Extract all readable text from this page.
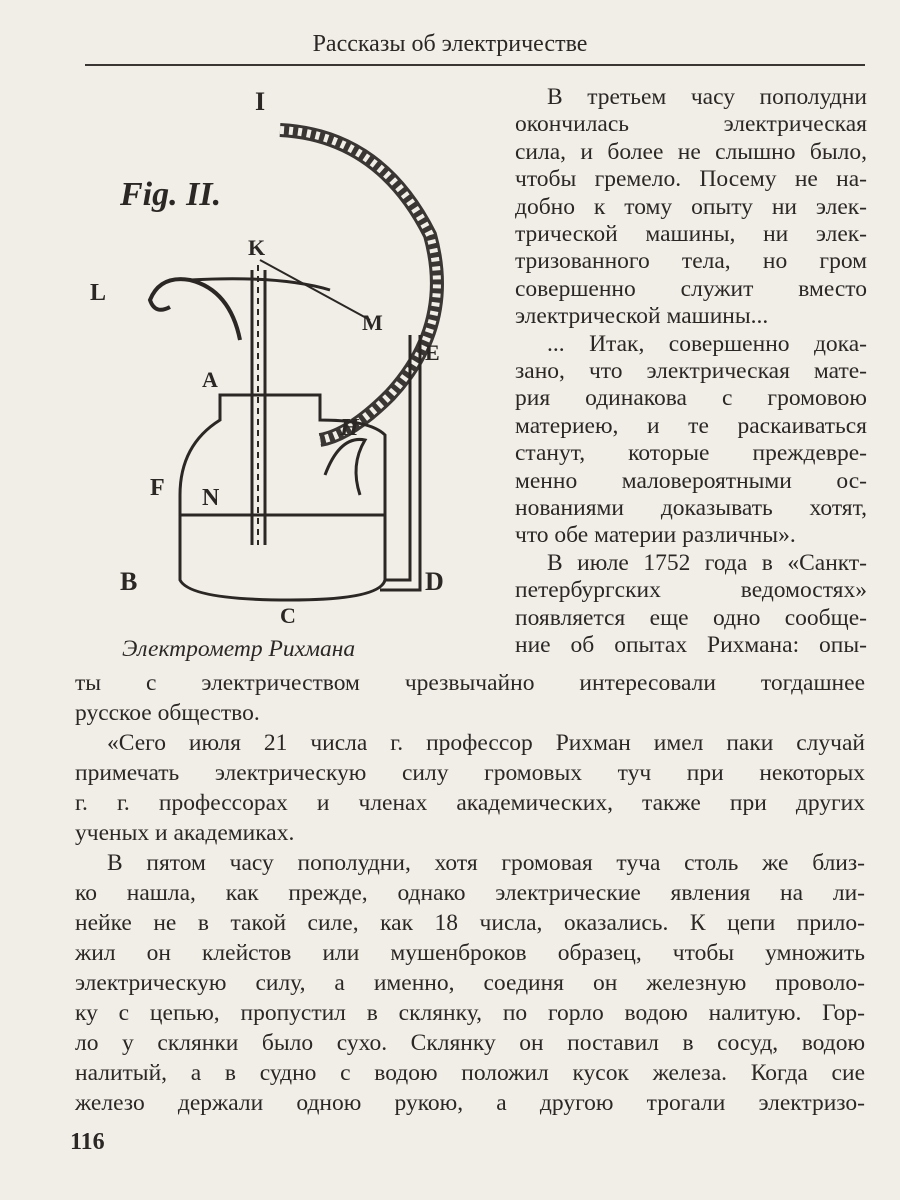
Рассказы об электричестве
Fig. II.
I
K
L
M
E
A
H
F N
B
C
D
Электрометр Рихмана
В третьем часу пополудни
окончилась электрическая
сила, и более не слышно было,
чтобы гремело. Посему не на-
добно к тому опыту ни элек-
трической машины, ни элек-
тризованного тела, но гром
совершенно служит вместо
электрической машины...
... Итак, совершенно дока-
зано, что электрическая мате-
рия одинакова с громовою
материею, и те раскаиваться
станут, которые преждевре-
менно маловероятными ос-
нованиями доказывать хотят,
что обе материи различны».
В июле 1752 года в «Санкт-
петербургских ведомостях»
появляется еще одно сообще-
ние об опытах Рихмана: опы-
ты с электричеством чрезвычайно интересовали тогдашнее
русское общество.
«Сего июля 21 числа г. профессор Рихман имел паки случай
примечать электрическую силу громовых туч при некоторых
г. г. профессорах и членах академических, также при других
ученых и академиках.
В пятом часу пополудни, хотя громовая туча столь же близ-
ко нашла, как прежде, однако электрические явления на ли-
нейке не в такой силе, как 18 числа, оказались. К цепи прило-
жил он клейстов или мушенброков образец, чтобы умножить
электрическую силу, а именно, соединя он железную проволо-
ку с цепью, пропустил в склянку, по горло водою налитую. Гор-
ло у склянки было сухо. Склянку он поставил в сосуд, водою
налитый, а в судно с водою положил кусок железа. Когда сие
железо держали одною рукою, а другою трогали электризо-
116
